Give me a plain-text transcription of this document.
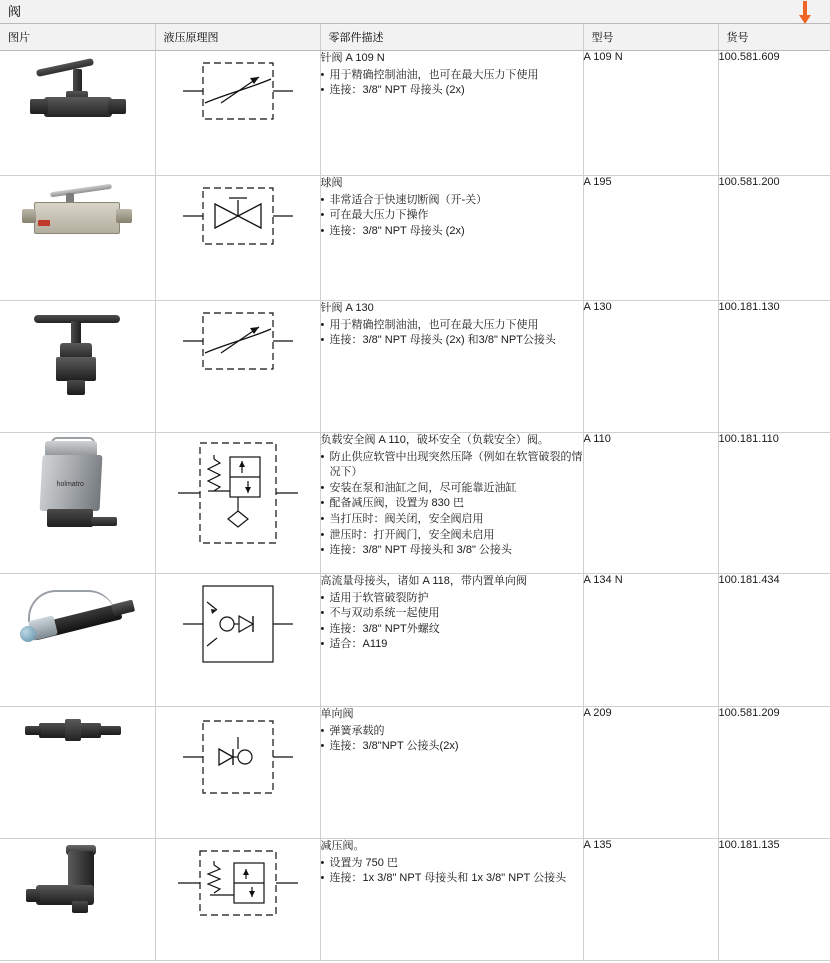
阀
图片	液压原理图	零部件描述	型号	货号

针阀 A 109 N
• 用于精确控制油油，也可在最大压力下使用
• 连接：3/8" NPT 母接头 (2x)
	A 109 N	100.581.609

球阀
• 非常适合于快速切断阀（开-关）
• 可在最大压力下操作
• 连接：3/8" NPT 母接头 (2x)
	A 195	100.581.200

针阀 A 130
• 用于精确控制油油，也可在最大压力下使用
• 连接：3/8" NPT 母接头 (2x) 和3/8" NPT公接头
	A 130	100.181.130

holmatro

负载安全阀 A 110，破坏安全（负载安全）阀。
• 防止供应软管中出现突然压降（例如在软管破裂的情况下）
• 安装在泵和油缸之间，尽可能靠近油缸
• 配备减压阀，设置为 830 巴
• 当打压时：阀关闭，安全阀启用
• 泄压时：打开阀门，安全阀未启用
• 连接：3/8" NPT 母接头和 3/8" 公接头
	A 110	100.181.110

高流量母接头，诸如 A 118，带内置单向阀
• 适用于软管破裂防护
• 不与双动系统一起使用
• 连接：3/8" NPT外螺纹
• 适合：A119
	A 134 N	100.181.434

单向阀
• 弹簧承载的
• 连接：3/8"NPT 公接头(2x)
	A 209	100.581.209

减压阀。
• 设置为 750 巴
• 连接：1x 3/8" NPT 母接头和 1x 3/8" NPT 公接头
	A 135	100.181.135
